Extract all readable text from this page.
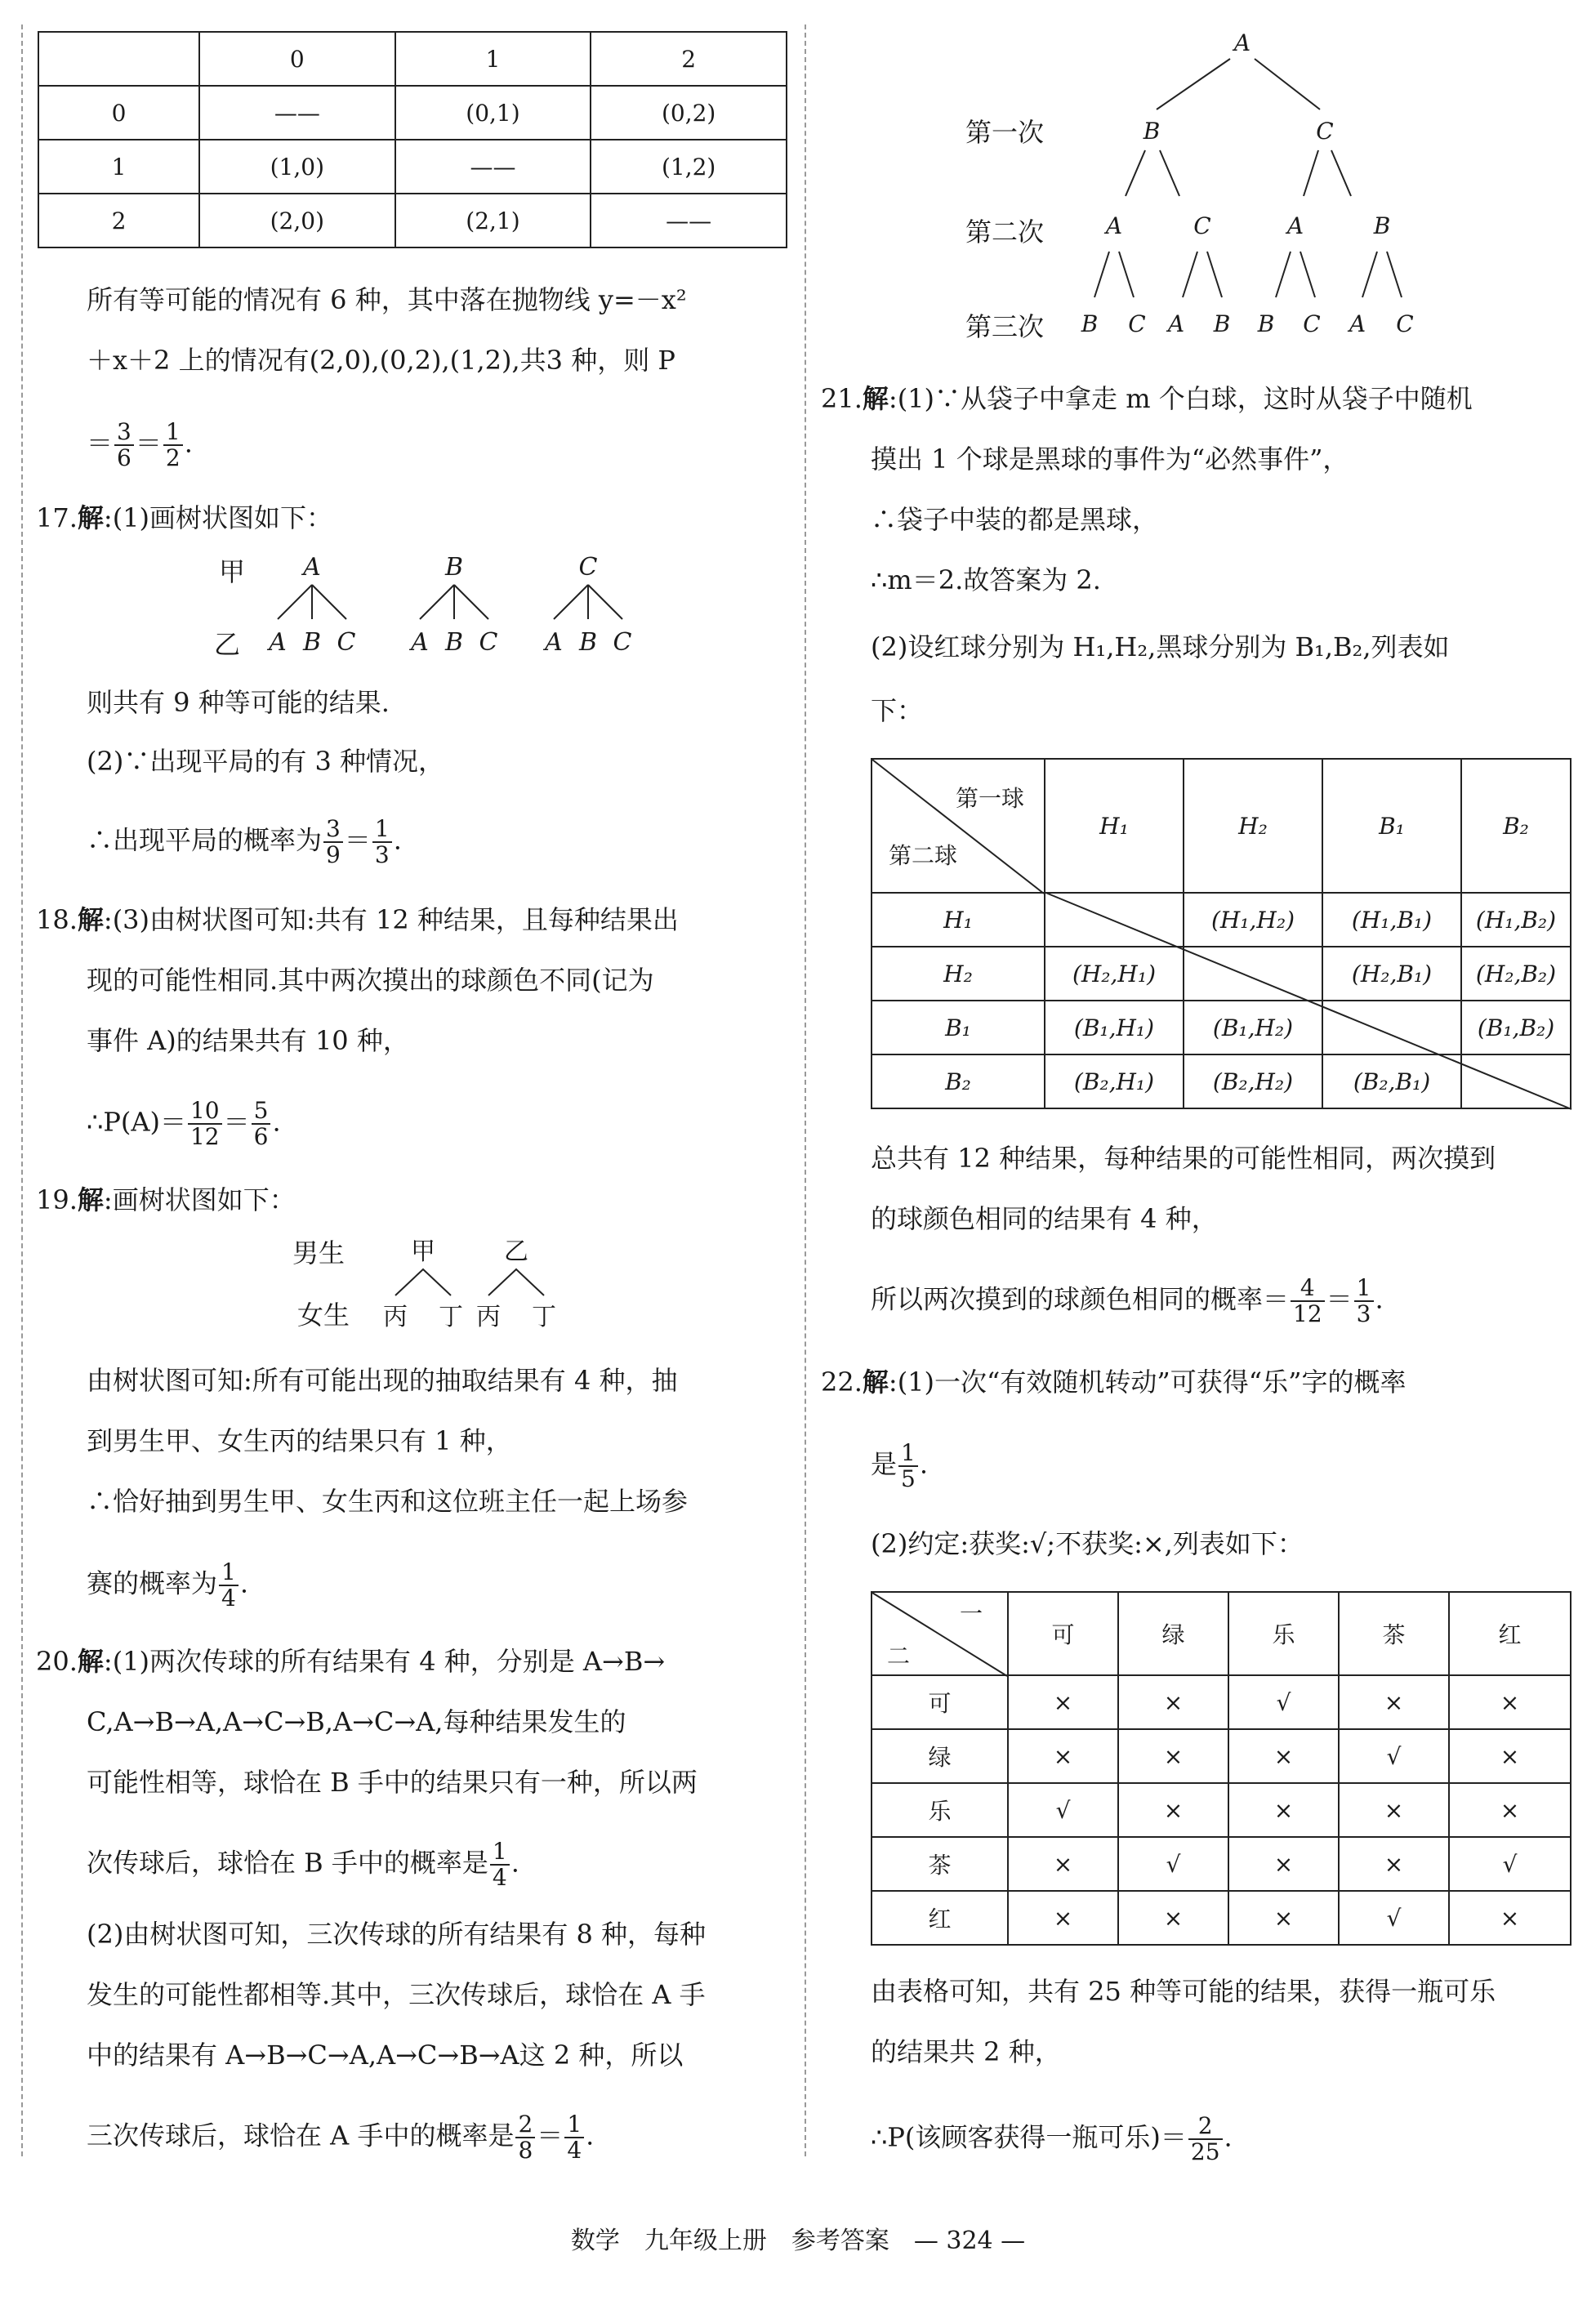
	0	1	2
0	——	(0,1)	(0,2)
1	(1,0)	——	(1,2)
2	(2,0)	(2,1)	——
所有等可能的情况有 6 种，其中落在抛物线 y=－x²
＋x＋2 上的情况有(2,0),(0,2),(1,2),共3 种，则 P
＝ $\frac{3}{6} = \frac{1}{2}$ .
17.解:(1)画树状图如下：
甲
乙
A	B	C
A B C A B C A B C
则共有 9 种等可能的结果.
(2)∵出现平局的有 3 种情况，
∴出现平局的概率为 $\frac{3}{9} = \frac{1}{3}$ .
18.解:(3)由树状图可知:共有 12 种结果，且每种结果出
现的可能性相同.其中两次摸出的球颜色不同(记为
事件 A)的结果共有 10 种，
∴P(A)＝ $\frac{10}{12} = \frac{5}{6}$ .
19.解:画树状图如下：
男生
女生
甲	乙
丙 丁 丙 丁
由树状图可知:所有可能出现的抽取结果有 4 种，抽
到男生甲、女生丙的结果只有 1 种，
∴恰好抽到男生甲、女生丙和这位班主任一起上场参
赛的概率为 $\frac{1}{4}$ .
20.解:(1)两次传球的所有结果有 4 种，分别是 A→B→
C,A→B→A,A→C→B,A→C→A,每种结果发生的
可能性相等，球恰在 B 手中的结果只有一种，所以两
次传球后，球恰在 B 手中的概率是 $\frac{1}{4}$ .
(2)由树状图可知，三次传球的所有结果有 8 种，每种
发生的可能性都相等.其中，三次传球后，球恰在 A 手
中的结果有 A→B→C→A,A→C→B→A这 2 种，所以
三次传球后，球恰在 A 手中的概率是 $\frac{2}{8} = \frac{1}{4}$ .
第一次
第二次
第三次
A
B	C
A	C	A	B
B C A B B C A C
21.解:(1)∵从袋子中拿走 m 个白球，这时从袋子中随机
摸出 1 个球是黑球的事件为“必然事件”，
∴袋子中装的都是黑球，
∴m＝2.故答案为 2.
(2)设红球分别为 H₁,H₂,黑球分别为 B₁,B₂,列表如
下：
第一球
第二球	H₁	H₂	B₁	B₂
H₁		(H₁,H₂)	(H₁,B₁)	(H₁,B₂)
H₂	(H₂,H₁)		(H₂,B₁)	(H₂,B₂)
B₁	(B₁,H₁)	(B₁,H₂)		(B₁,B₂)
B₂	(B₂,H₁)	(B₂,H₂)	(B₂,B₁)	
总共有 12 种结果，每种结果的可能性相同，两次摸到
的球颜色相同的结果有 4 种，
所以两次摸到的球颜色相同的概率＝ $\frac{4}{12} = \frac{1}{3}$ .
22.解:(1)一次“有效随机转动”可获得“乐”字的概率
是 $\frac{1}{5}$ .
(2)约定:获奖:√;不获奖:×,列表如下：
一
二	可	绿	乐	茶	红
可	×	×	√	×	×
绿	×	×	×	√	×
乐	√	×	×	×	×
茶	×	√	×	×	√
红	×	×	×	√	×
由表格可知，共有 25 种等可能的结果，获得一瓶可乐
的结果共 2 种，
∴P(该顾客获得一瓶可乐)＝ $\frac{2}{25}$ .
数学　九年级上册　参考答案　— 324 —
